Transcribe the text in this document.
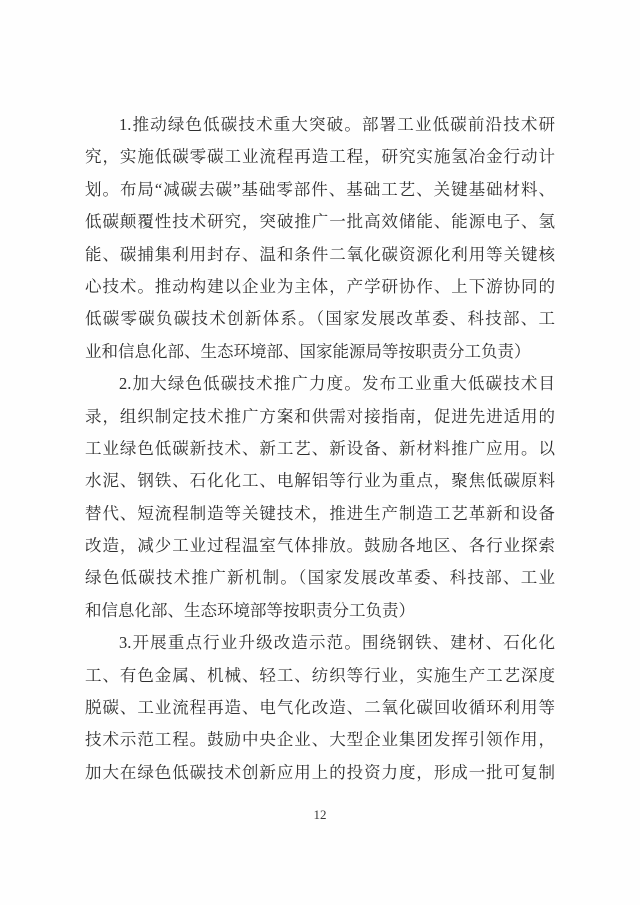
1.推动绿色低碳技术重大突破。部署工业低碳前沿技术研
究，实施低碳零碳工业流程再造工程，研究实施氢冶金行动计
划。布局“减碳去碳”基础零部件、基础工艺、关键基础材料、
低碳颠覆性技术研究，突破推广一批高效储能、能源电子、氢
能、碳捕集利用封存、温和条件二氧化碳资源化利用等关键核
心技术。推动构建以企业为主体，产学研协作、上下游协同的
低碳零碳负碳技术创新体系。（国家发展改革委、科技部、工
业和信息化部、生态环境部、国家能源局等按职责分工负责）
2.加大绿色低碳技术推广力度。发布工业重大低碳技术目
录，组织制定技术推广方案和供需对接指南，促进先进适用的
工业绿色低碳新技术、新工艺、新设备、新材料推广应用。以
水泥、钢铁、石化化工、电解铝等行业为重点，聚焦低碳原料
替代、短流程制造等关键技术，推进生产制造工艺革新和设备
改造，减少工业过程温室气体排放。鼓励各地区、各行业探索
绿色低碳技术推广新机制。（国家发展改革委、科技部、工业
和信息化部、生态环境部等按职责分工负责）
3.开展重点行业升级改造示范。围绕钢铁、建材、石化化
工、有色金属、机械、轻工、纺织等行业，实施生产工艺深度
脱碳、工业流程再造、电气化改造、二氧化碳回收循环利用等
技术示范工程。鼓励中央企业、大型企业集团发挥引领作用，
加大在绿色低碳技术创新应用上的投资力度，形成一批可复制
12
